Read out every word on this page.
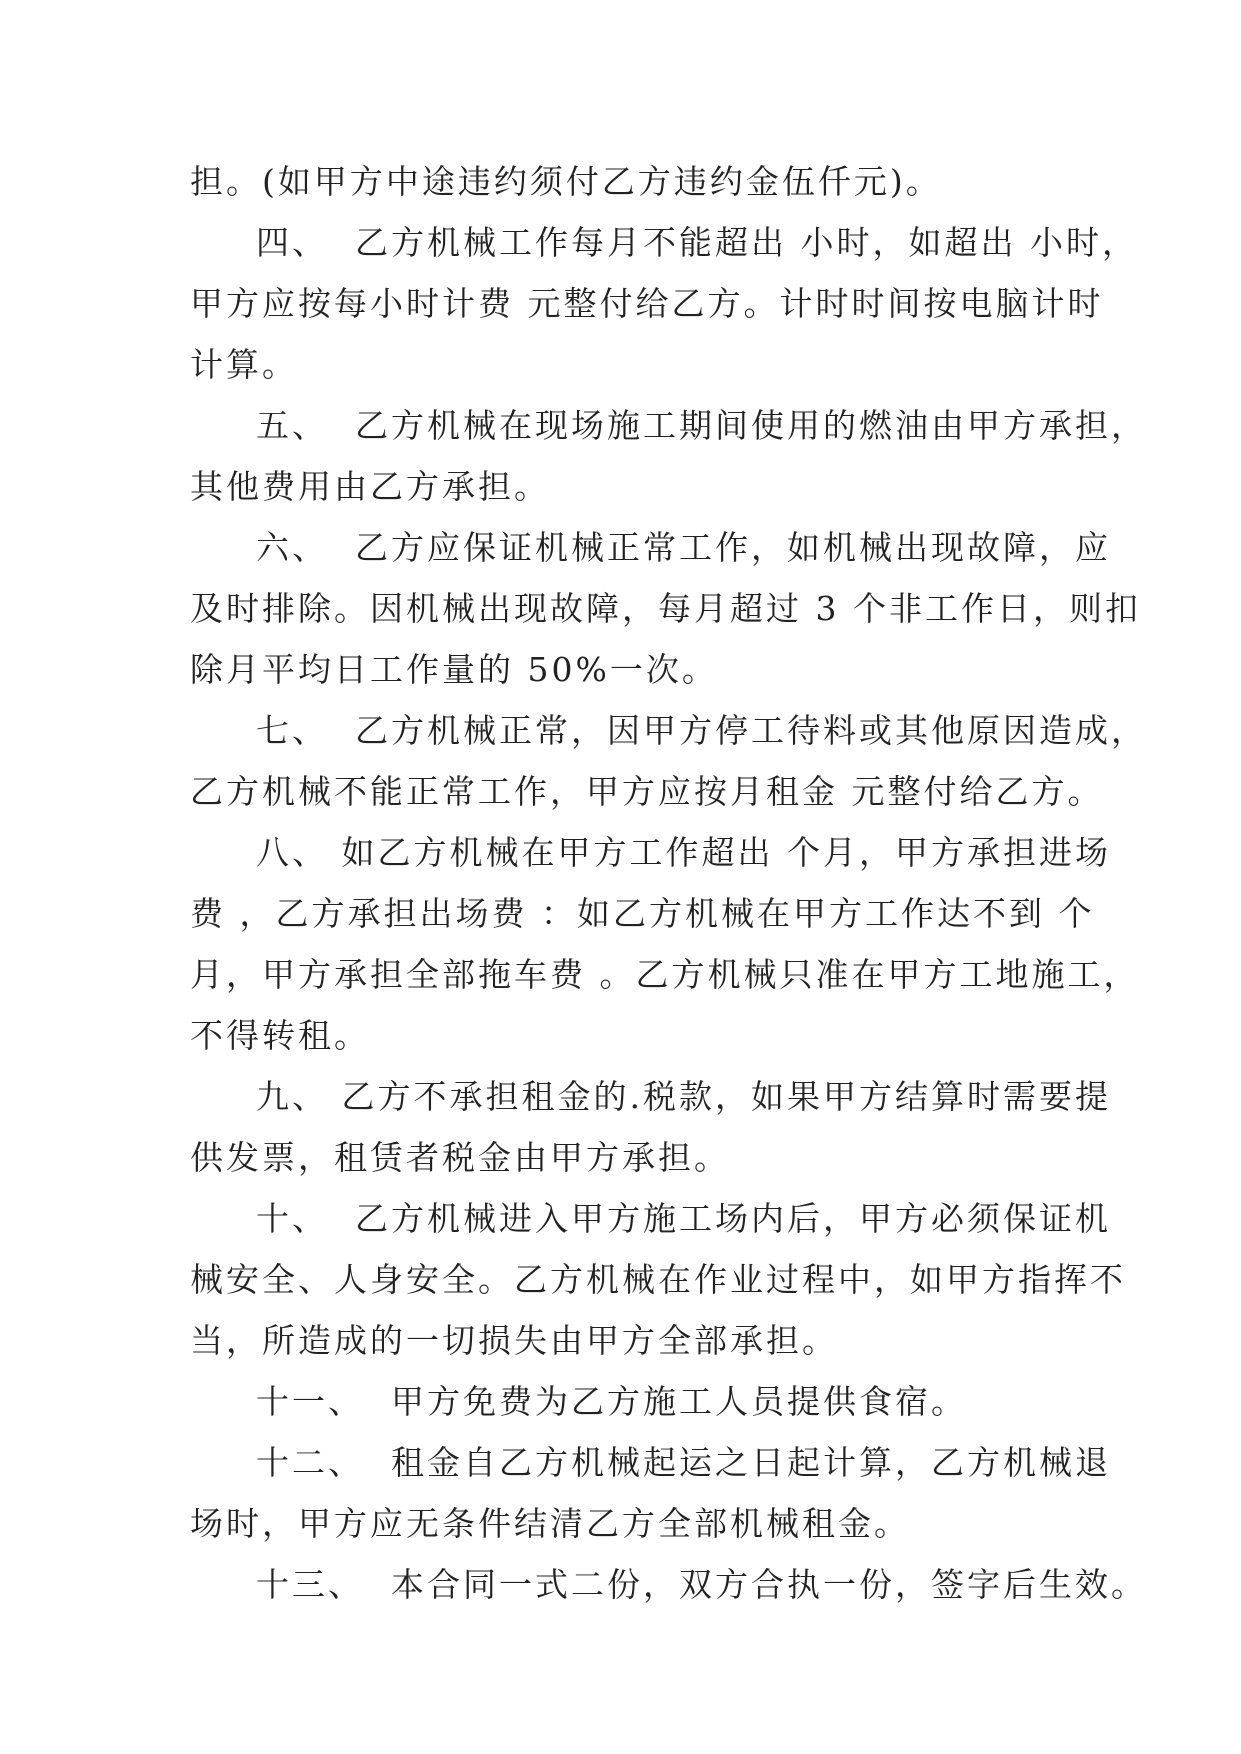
担。(如甲方中途违约须付乙方违约金伍仟元)。
四、  乙方机械工作每月不能超出 小时，如超出 小时，
甲方应按每小时计费 元整付给乙方。计时时间按电脑计时
计算。
五、  乙方机械在现场施工期间使用的燃油由甲方承担，
其他费用由乙方承担。
六、  乙方应保证机械正常工作，如机械出现故障，应
及时排除。因机械出现故障，每月超过 3 个非工作日，则扣
除月平均日工作量的 50%一次。
七、  乙方机械正常，因甲方停工待料或其他原因造成，
乙方机械不能正常工作，甲方应按月租金 元整付给乙方。
八、 如乙方机械在甲方工作超出 个月，甲方承担进场
费 ，乙方承担出场费 ：如乙方机械在甲方工作达不到 个
月，甲方承担全部拖车费 。乙方机械只准在甲方工地施工，
不得转租。
九、 乙方不承担租金的.税款，如果甲方结算时需要提
供发票，租赁者税金由甲方承担。
十、  乙方机械进入甲方施工场内后，甲方必须保证机
械安全、人身安全。乙方机械在作业过程中，如甲方指挥不
当，所造成的一切损失由甲方全部承担。
十一、  甲方免费为乙方施工人员提供食宿。
十二、  租金自乙方机械起运之日起计算，乙方机械退
场时，甲方应无条件结清乙方全部机械租金。
十三、  本合同一式二份，双方合执一份，签字后生效。
